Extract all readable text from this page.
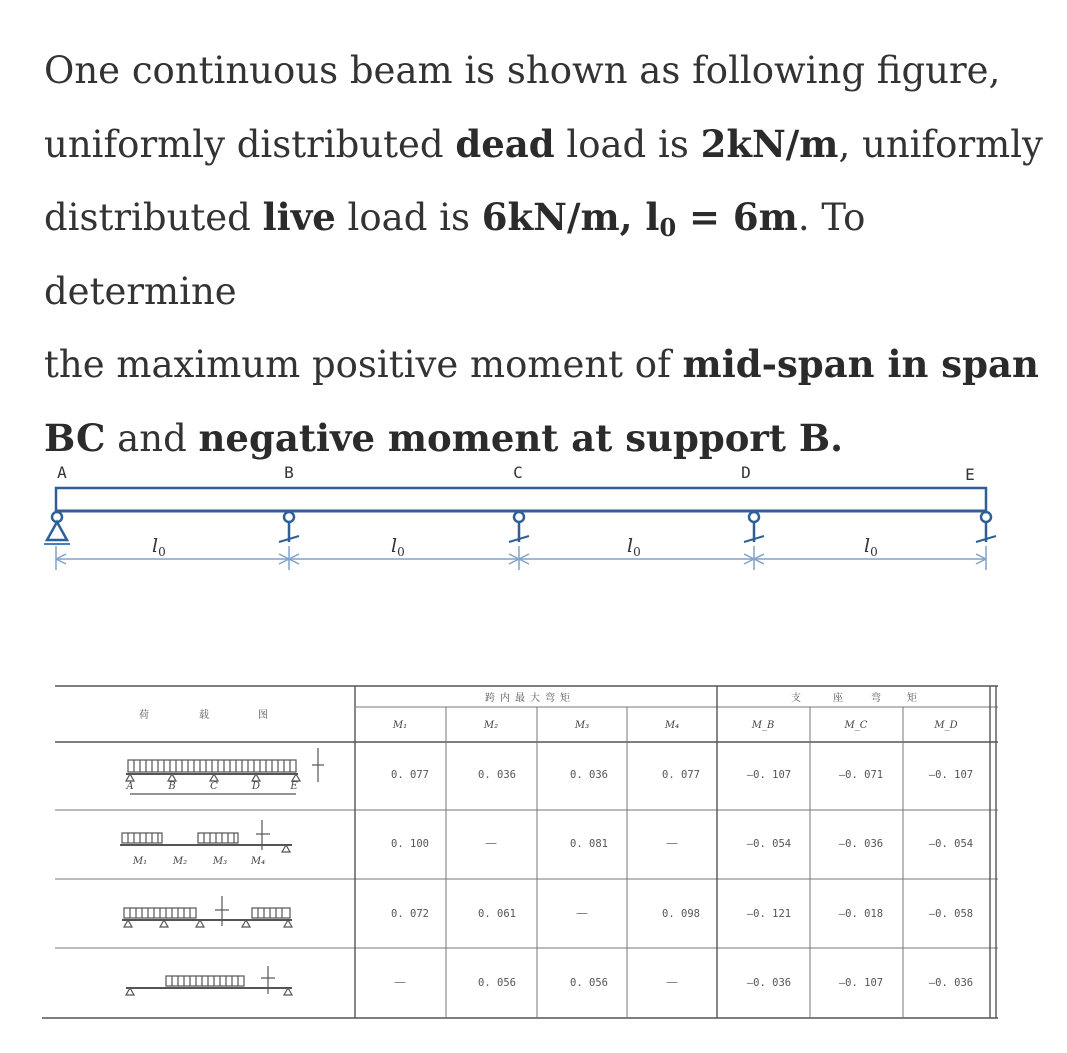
One continuous beam is shown as following figure,
uniformly distributed dead load is 2kN/m, uniformly
distributed live load is 6kN/m, $l_0 = 6m$. To determine
the maximum positive moment of mid-span in span
BC and negative moment at support B.
A	B	C	D	E
$l_0$	$l_0$	$l_0$	$l_0$
荷	载	图
跨 内 最 大 弯 矩	支	座	弯	矩
M₁	M₂	M₃	M₄	M_B	M_C	M_D
A	B	C	D	E
M₁	M₂	M₃ M₄
0. 077	0. 036	0. 036	0. 077	—0. 107	—0. 071	—0. 107
0. 100	—	0. 081	—	—0. 054	—0. 036	—0. 054
0. 072	0. 061	—	0. 098	—0. 121	—0. 018	—0. 058
—	0. 056	0. 056	—	—0. 036	—0. 107	—0. 036
